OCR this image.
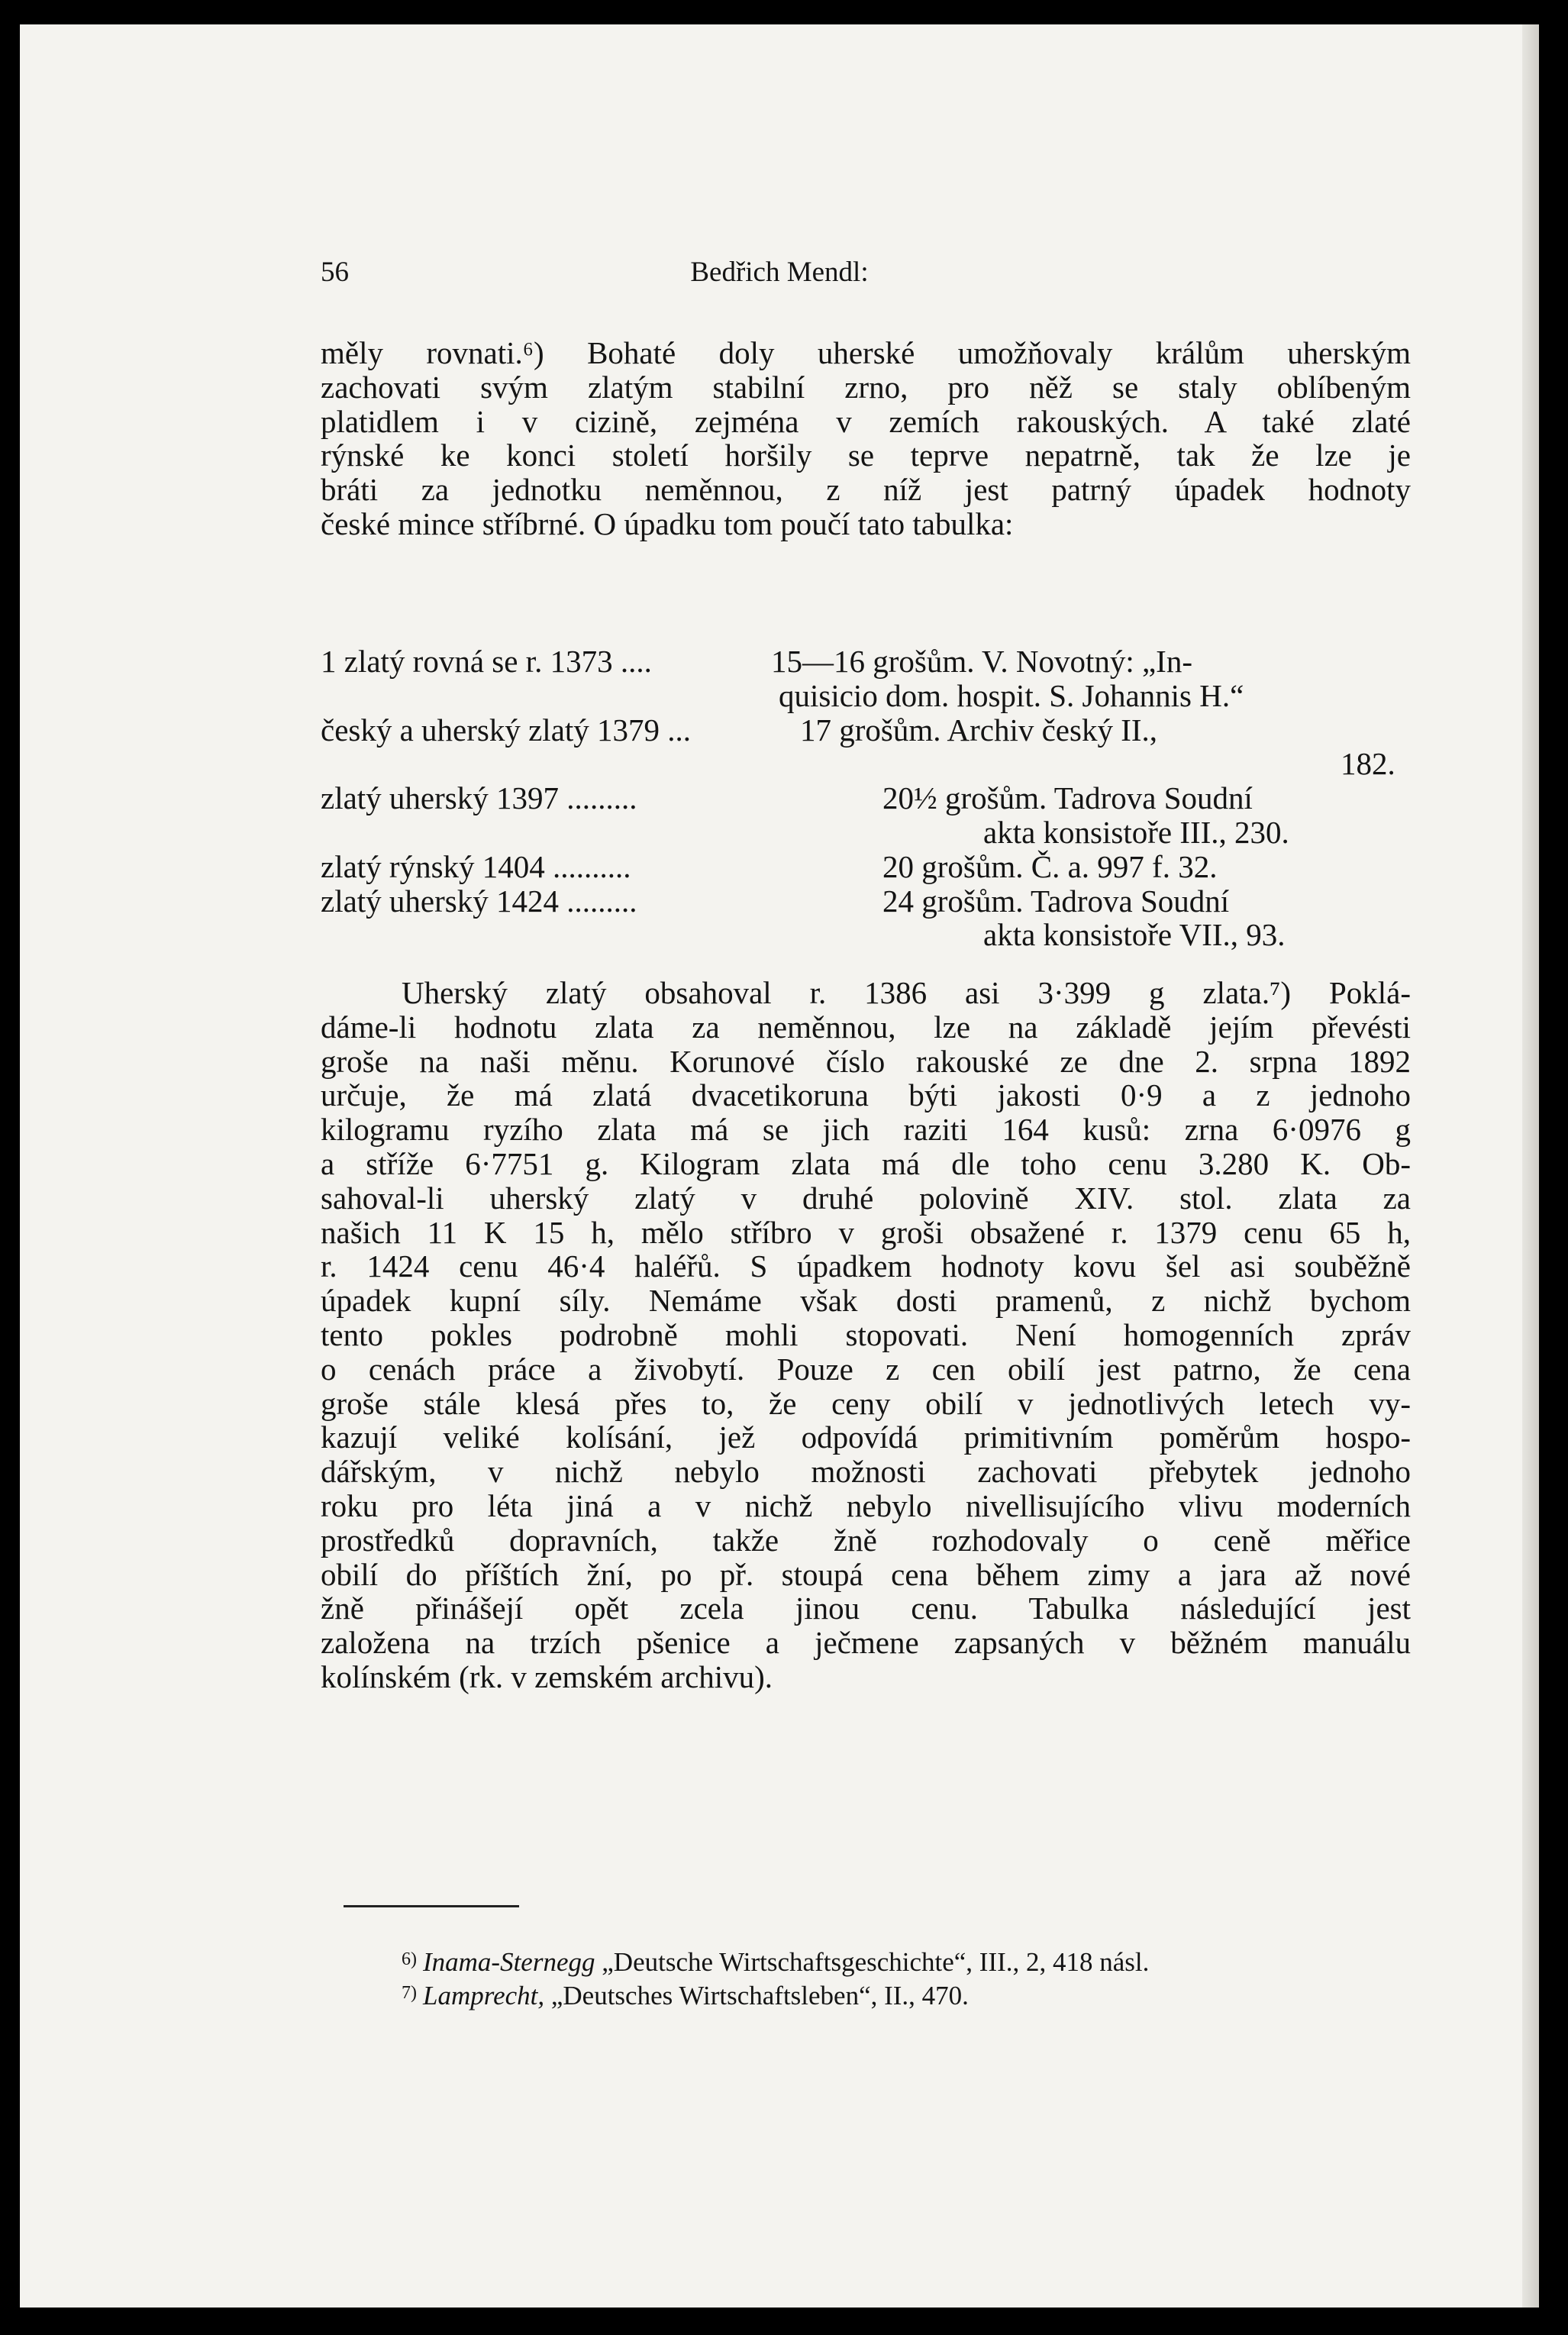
56	Bedřich Mendl:
měly rovnati.⁶) Bohaté doly uherské umožňovaly králům uherským
zachovati svým zlatým stabilní zrno, pro něž se staly oblíbeným
platidlem i v cizině, zejména v zemích rakouských. A také zlaté
rýnské ke konci století horšily se teprve nepatrně, tak že lze je
bráti za jednotku neměnnou, z níž jest patrný úpadek hodnoty
české mince stříbrné. O úpadku tom poučí tato tabulka:
1 zlatý rovná se r. 1373 ....	15—16 grošům. V. Novotný: „In-
quisicio dom. hospit. S. Johannis H.“
český a uherský zlatý 1379 ...	17 grošům. Archiv český II.,
182.
zlatý uherský 1397 .........	20½ grošům. Tadrova Soudní
akta konsistoře III., 230.
zlatý rýnský 1404 ..........	20 grošům. Č. a. 997 f. 32.
zlatý uherský 1424 .........	24 grošům. Tadrova Soudní
akta konsistoře VII., 93.
Uherský zlatý obsahoval r. 1386 asi 3·399 g zlata.⁷) Poklá-
dáme-li hodnotu zlata za neměnnou, lze na základě jejím převésti
groše na naši měnu. Korunové číslo rakouské ze dne 2. srpna 1892
určuje, že má zlatá dvacetikoruna býti jakosti 0·9 a z jednoho
kilogramu ryzího zlata má se jich raziti 164 kusů: zrna 6·0976 g
a stříže 6·7751 g. Kilogram zlata má dle toho cenu 3.280 K. Ob-
sahoval-li uherský zlatý v druhé polovině XIV. stol. zlata za
našich 11 K 15 h, mělo stříbro v groši obsažené r. 1379 cenu 65 h,
r. 1424 cenu 46·4 haléřů. S úpadkem hodnoty kovu šel asi souběžně
úpadek kupní síly. Nemáme však dosti pramenů, z nichž bychom
tento pokles podrobně mohli stopovati. Není homogenních zpráv
o cenách práce a živobytí. Pouze z cen obilí jest patrno, že cena
groše stále klesá přes to, že ceny obilí v jednotlivých letech vy-
kazují veliké kolísání, jež odpovídá primitivním poměrům hospo-
dářským, v nichž nebylo možnosti zachovati přebytek jednoho
roku pro léta jiná a v nichž nebylo nivellisujícího vlivu moderních
prostředků dopravních, takže žně rozhodovaly o ceně měřice
obilí do příštích žní, po př. stoupá cena během zimy a jara až nové
žně přinášejí opět zcela jinou cenu. Tabulka následující jest
založena na trzích pšenice a ječmene zapsaných v běžném manuálu
kolínském (rk. v zemském archivu).
6) Inama-Sternegg „Deutsche Wirtschaftsgeschichte“, III., 2, 418 násl.
7) Lamprecht, „Deutsches Wirtschaftsleben“, II., 470.
